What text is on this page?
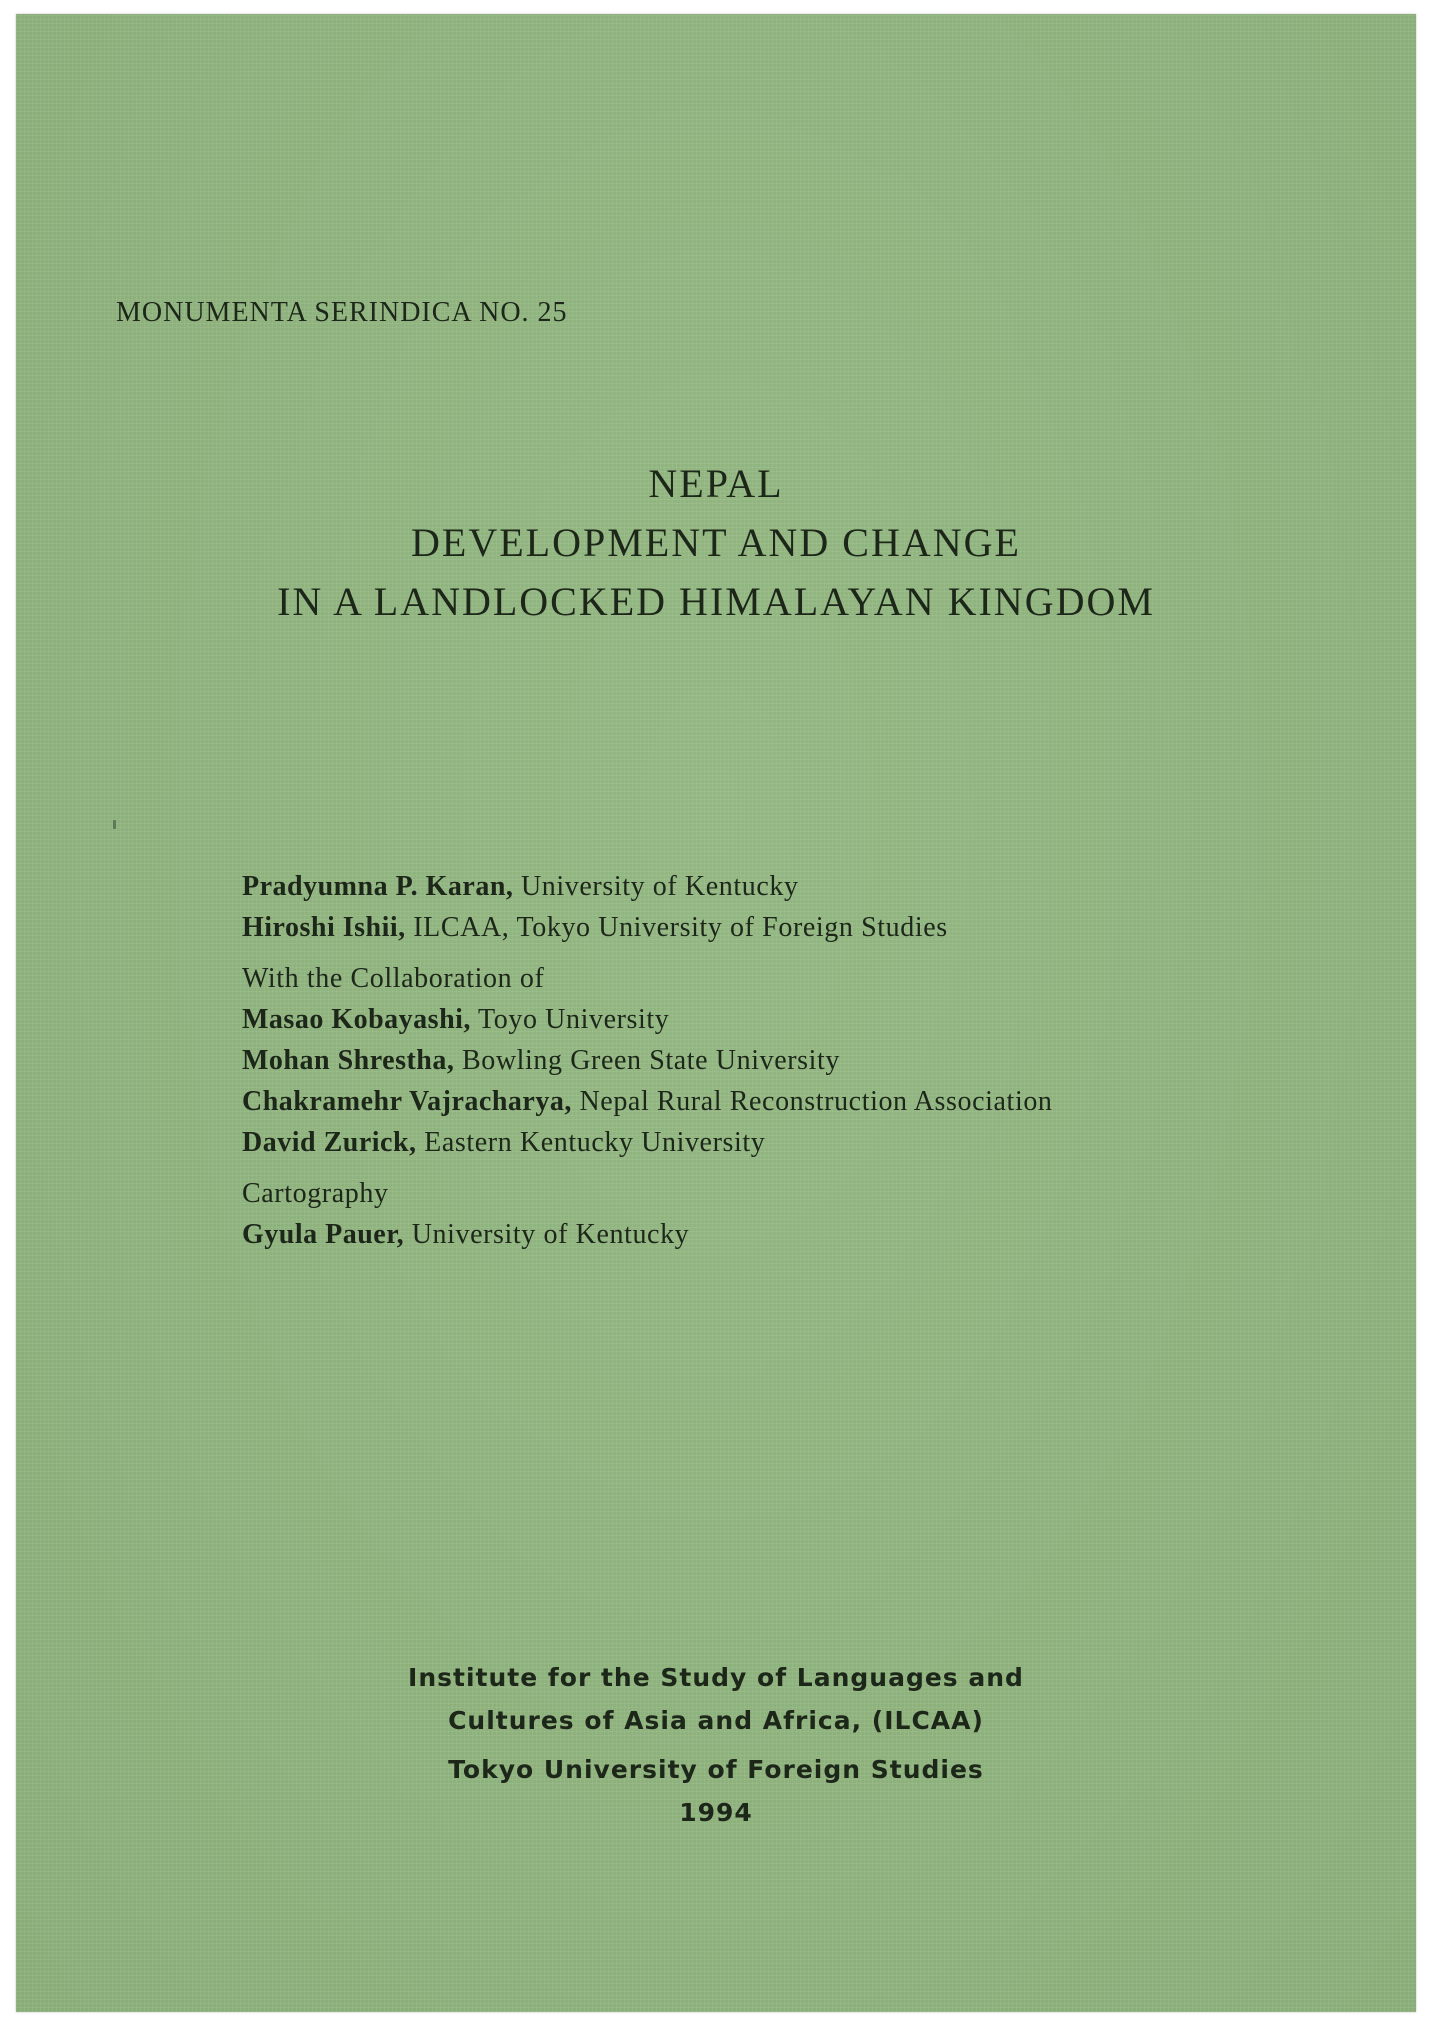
MONUMENTA SERINDICA NO. 25
NEPAL
DEVELOPMENT AND CHANGE
IN A LANDLOCKED HIMALAYAN KINGDOM
Pradyumna P. Karan, University of Kentucky
Hiroshi Ishii, ILCAA, Tokyo University of Foreign Studies
With the Collaboration of
Masao Kobayashi, Toyo University
Mohan Shrestha, Bowling Green State University
Chakramehr Vajracharya, Nepal Rural Reconstruction Association
David Zurick, Eastern Kentucky University
Cartography
Gyula Pauer, University of Kentucky
Institute for the Study of Languages and
Cultures of Asia and Africa, (ILCAA)
Tokyo University of Foreign Studies
1994
